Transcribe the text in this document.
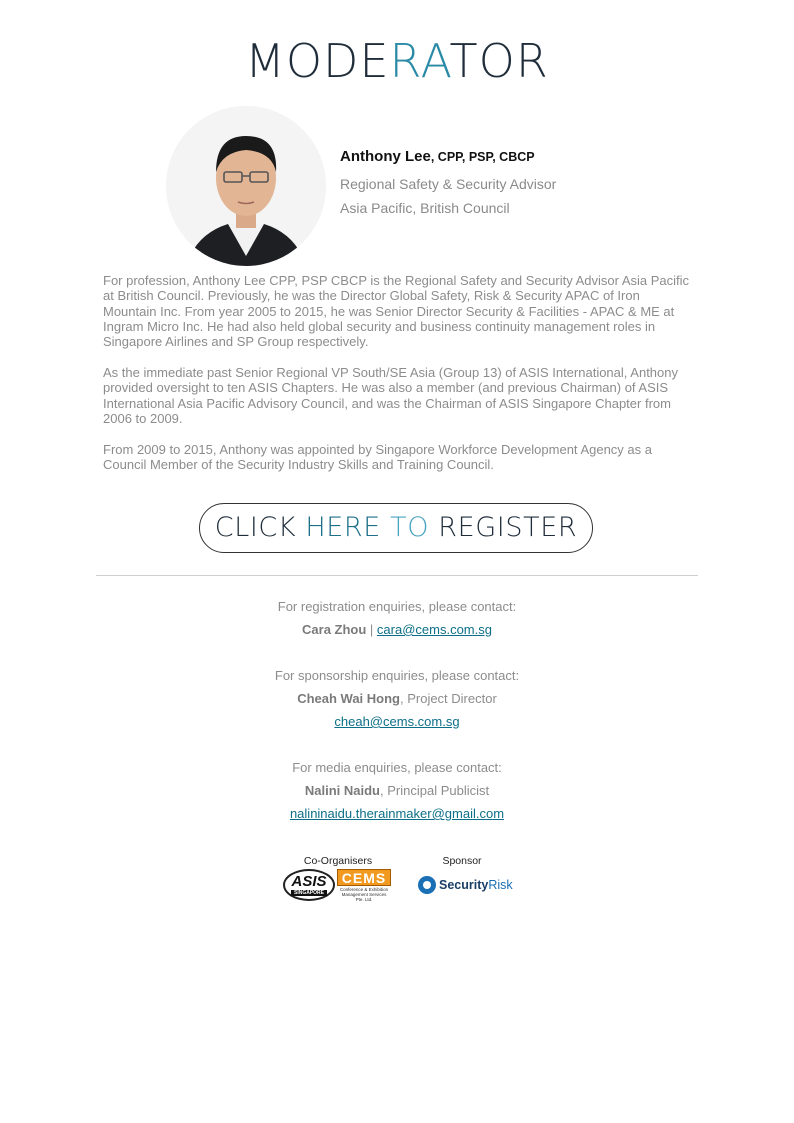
MODERATOR
Anthony Lee, CPP, PSP, CBCP
Regional Safety & Security Advisor
Asia Pacific, British Council

For profession, Anthony Lee CPP, PSP CBCP is the Regional Safety and Security Advisor Asia Pacific at British Council. Previously, he was the Director Global Safety, Risk & Security APAC of Iron Mountain Inc. From year 2005 to 2015, he was Senior Director Security & Facilities - APAC & ME at Ingram Micro Inc. He had also held global security and business continuity management roles in Singapore Airlines and SP Group respectively.

As the immediate past Senior Regional VP South/SE Asia (Group 13) of ASIS International, Anthony provided oversight to ten ASIS Chapters. He was also a member (and previous Chairman) of ASIS International Asia Pacific Advisory Council, and was the Chairman of ASIS Singapore Chapter from 2006 to 2009.

From 2009 to 2015, Anthony was appointed by Singapore Workforce Development Agency as a Council Member of the Security Industry Skills and Training Council.

CLICK HERE TO REGISTER
For registration enquiries, please contact:
Cara Zhou | cara@cems.com.sg
For sponsorship enquiries, please contact:
Cheah Wai Hong, Project Director
cheah@cems.com.sg
For media enquiries, please contact:
Nalini Naidu, Principal Publicist
nalininaidu.therainmaker@gmail.com
Co-Organisers	Sponsor
ASIS
SINGAPORE
CEMS
Conference & Exhibition Management Services Pte. Ltd.
SecurityRisk
